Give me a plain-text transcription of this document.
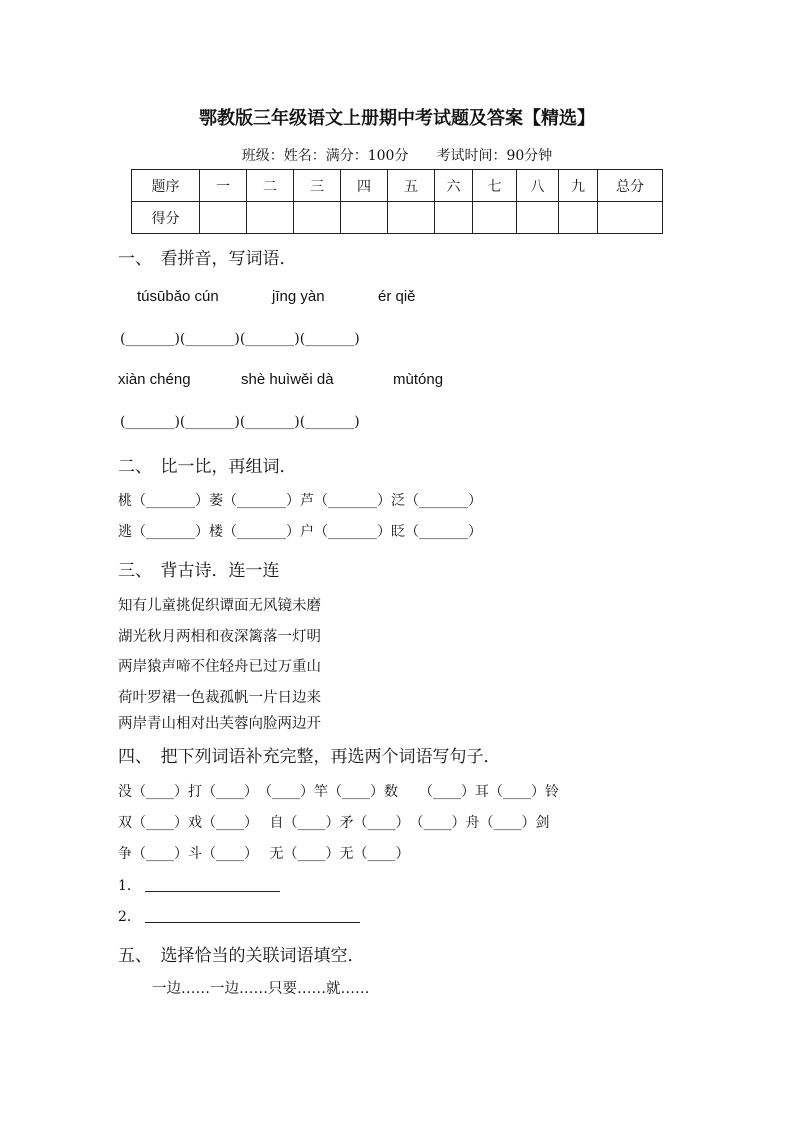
鄂教版三年级语文上册期中考试题及答案【精选】
班级：姓名：满分：100分　　考试时间：90分钟
题序	一	二	三	四	五	六	七	八	九	总分
得分										
一、　看拼音，写词语．
túsūbǎo cún	jīng yàn	ér qiě
(_______)(_______)(_______)(_______)
xiàn chéng	shè huìwěi dà	mùtóng
(_______)(_______)(_______)(_______)
二、　比一比，再组词．
桃（_______）萎（_______）芦（_______）泛（_______）
逃（_______）楼（_______）户（_______）眨（_______）
三、　背古诗．连一连
知有儿童挑促织谭面无风镜未磨
湖光秋月两相和夜深篱落一灯明
两岸猿声啼不住轻舟已过万重山
荷叶罗裙一色裁孤帆一片日边来
两岸青山相对出芙蓉向脸两边开
四、　把下列词语补充完整，再选两个词语写句子．
没（____）打（____）　（____）竿（____）数　　（____）耳（____）铃
双（____）戏（____）　 自（____）矛（____）　（____）舟（____）剑
争（____）斗（____）　 无（____）无（____）
1．
2．
五、　选择恰当的关联词语填空．
一边……一边……只要……就……
